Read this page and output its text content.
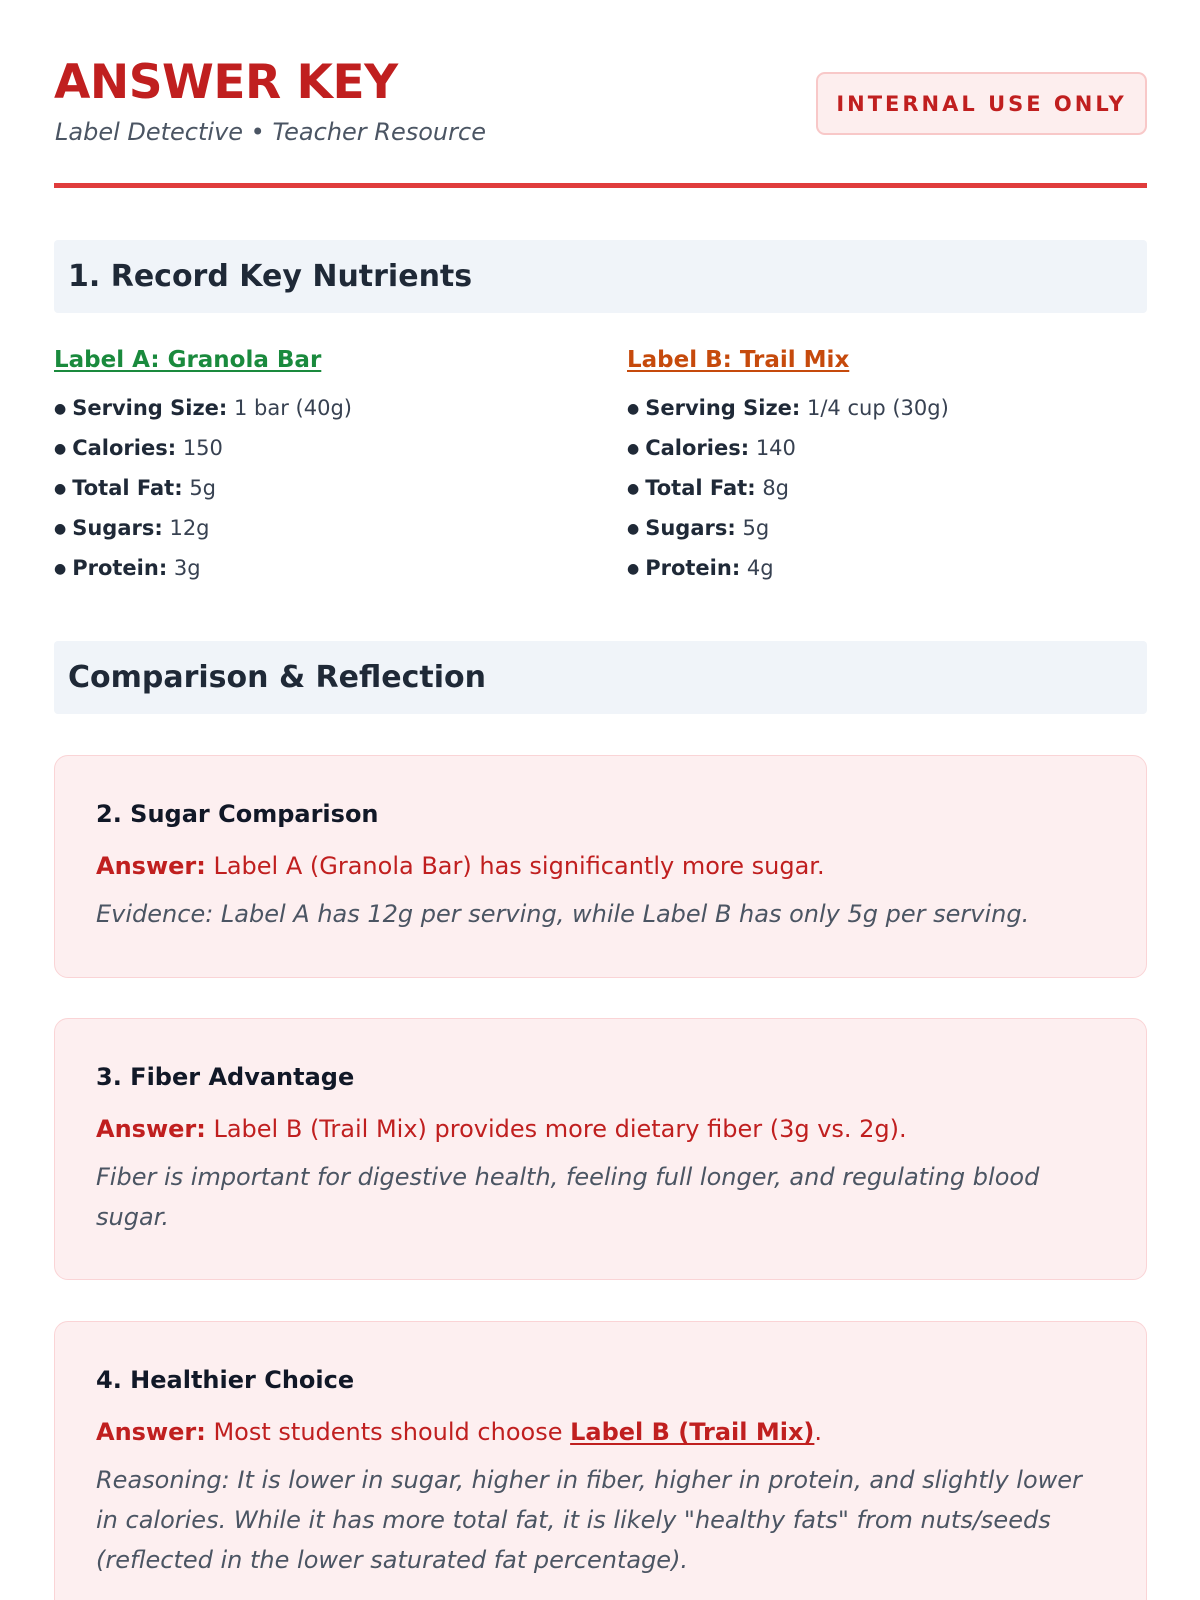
ANSWER KEY
Label Detective • Teacher Resource
INTERNAL USE ONLY
1. Record Key Nutrients
Label A: Granola Bar
● Serving Size: 1 bar (40g)
● Calories: 150
● Total Fat: 5g
● Sugars: 12g
● Protein: 3g
Label B: Trail Mix
● Serving Size: 1/4 cup (30g)
● Calories: 140
● Total Fat: 8g
● Sugars: 5g
● Protein: 4g
Comparison & Reflection
2. Sugar Comparison
Answer: Label A (Granola Bar) has significantly more sugar.
Evidence: Label A has 12g per serving, while Label B has only 5g per serving.
3. Fiber Advantage
Answer: Label B (Trail Mix) provides more dietary fiber (3g vs. 2g).
Fiber is important for digestive health, feeling full longer, and regulating blood sugar.
4. Healthier Choice
Answer: Most students should choose Label B (Trail Mix).
Reasoning: It is lower in sugar, higher in fiber, higher in protein, and slightly lower in calories. While it has more total fat, it is likely "healthy fats" from nuts/seeds (reflected in the lower saturated fat percentage).
